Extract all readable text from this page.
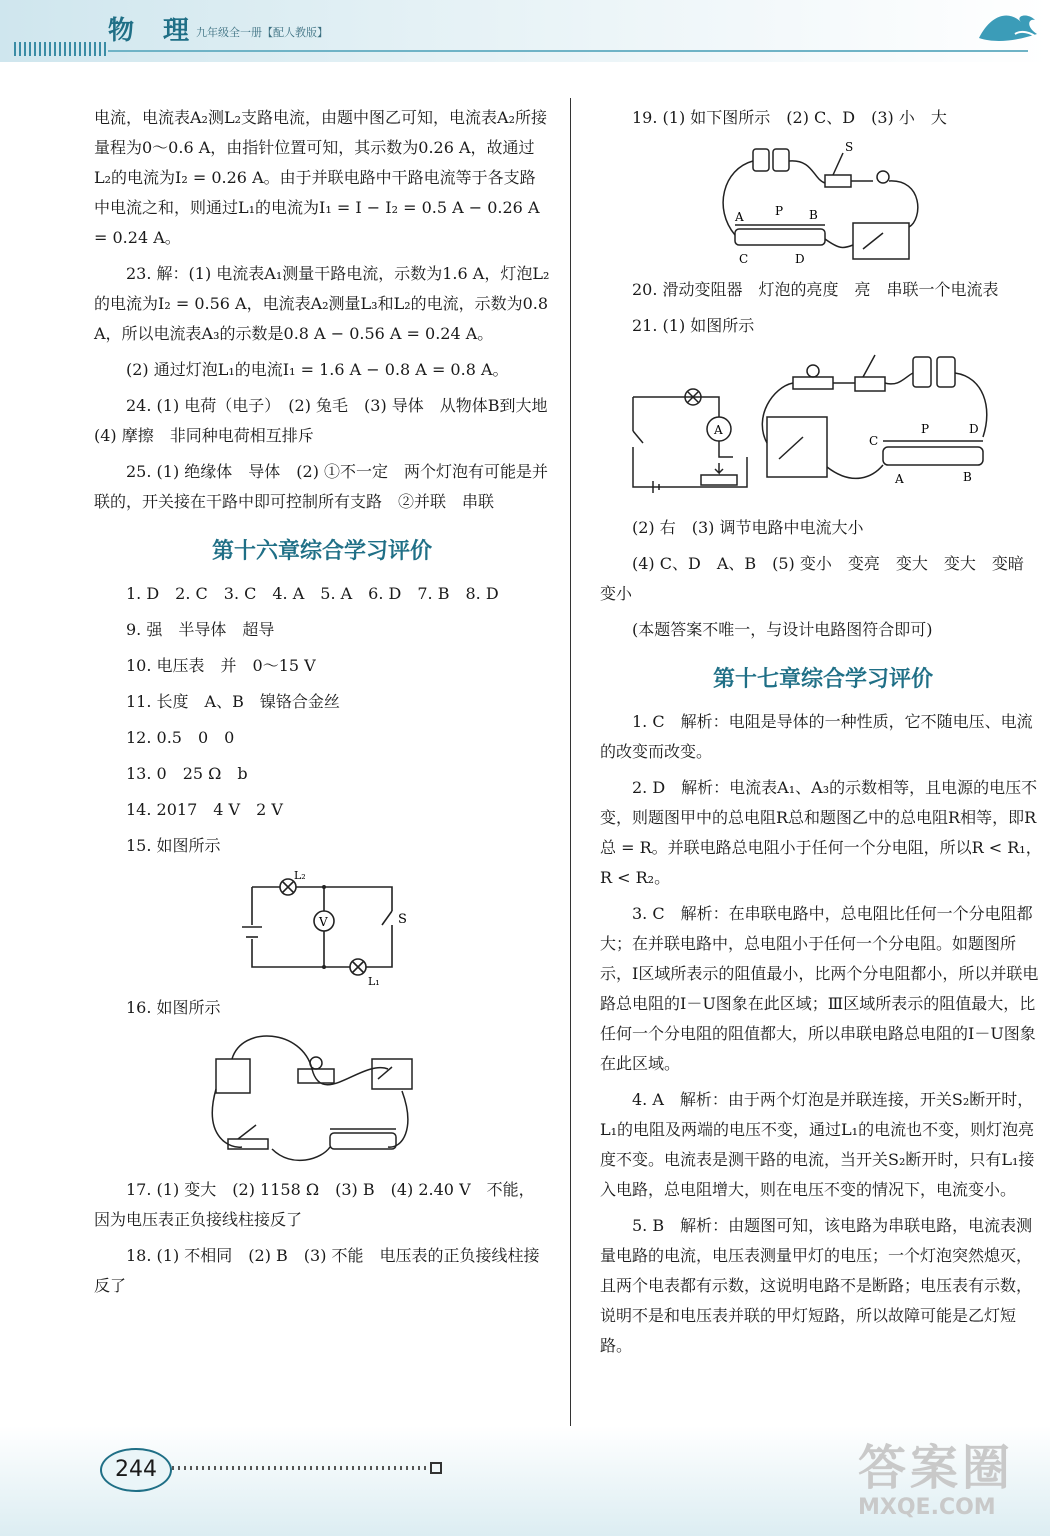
物 理
九年级全一册【配人教版】

电流，电流表A₂测L₂支路电流，由题中图乙可知，电流表A₂所接量程为0～0.6 A，由指针位置可知，其示数为0.26 A，故通过L₂的电流为I₂ = 0.26 A。由于并联电路中干路电流等于各支路中电流之和，则通过L₁的电流为I₁ = I − I₂ = 0.5 A − 0.26 A = 0.24 A。

23. 解：(1) 电流表A₁测量干路电流，示数为1.6 A，灯泡L₂的电流为I₂ = 0.56 A，电流表A₂测量L₃和L₂的电流，示数为0.8 A，所以电流表A₃的示数是0.8 A − 0.56 A = 0.24 A。

(2) 通过灯泡L₁的电流I₁ = 1.6 A − 0.8 A = 0.8 A。

24. (1) 电荷（电子）　(2) 兔毛　(3) 导体　从物体B到大地　(4) 摩擦　非同种电荷相互排斥

25. (1) 绝缘体　导体　(2) ①不一定　两个灯泡有可能是并联的，开关接在干路中即可控制所有支路　②并联　串联

第十六章综合学习评价

1. D　2. C　3. C　4. A　5. A　6. D　7. B　8. D

9. 强　半导体　超导

10. 电压表　并　0～15 V

11. 长度　A、B　镍铬合金丝

12. 0.5　0　0

13. 0　25 Ω　b

14. 2017　4 V　2 V

15. 如图所示

L₂
V	S
L₁

16. 如图所示

17. (1) 变大　(2) 1158 Ω　(3) B　(4) 2.40 V　不能，因为电压表正负接线柱接反了

18. (1) 不相同　(2) B　(3) 不能　电压表的正负接线柱接反了

19. (1) 如下图所示　(2) C、D　(3) 小　大

A	P B
C	D
S

20. 滑动变阻器　灯泡的亮度　亮　串联一个电流表

21. (1) 如图所示

A
C
P	D
A	B

(2) 右　(3) 调节电路中电流大小

(4) C、D　A、B　(5) 变小　变亮　变大　变大　变暗　变小

(本题答案不唯一，与设计电路图符合即可)

第十七章综合学习评价

1. C　解析：电阻是导体的一种性质，它不随电压、电流的改变而改变。

2. D　解析：电流表A₁、A₃的示数相等，且电源的电压不变，则题图甲中的总电阻R总和题图乙中的总电阻R相等，即R总 = R。并联电路总电阻小于任何一个分电阻，所以R < R₁，R < R₂。

3. C　解析：在串联电路中，总电阻比任何一个分电阻都大；在并联电路中，总电阻小于任何一个分电阻。如题图所示，Ⅰ区域所表示的阻值最小，比两个分电阻都小，所以并联电路总电阻的I－U图象在此区域；Ⅲ区域所表示的阻值最大，比任何一个分电阻的阻值都大，所以串联电路总电阻的I－U图象在此区域。

4. A　解析：由于两个灯泡是并联连接，开关S₂断开时，L₁的电阻及两端的电压不变，通过L₁的电流也不变，则灯泡亮度不变。电流表是测干路的电流，当开关S₂断开时，只有L₁接入电路，总电阻增大，则在电压不变的情况下，电流变小。

5. B　解析：由题图可知，该电路为串联电路，电流表测量电路的电流，电压表测量甲灯的电压；一个灯泡突然熄灭，且两个电表都有示数，这说明电路不是断路；电压表有示数，说明不是和电压表并联的甲灯短路，所以故障可能是乙灯短路。

244	答案圈
MXQE.COM
